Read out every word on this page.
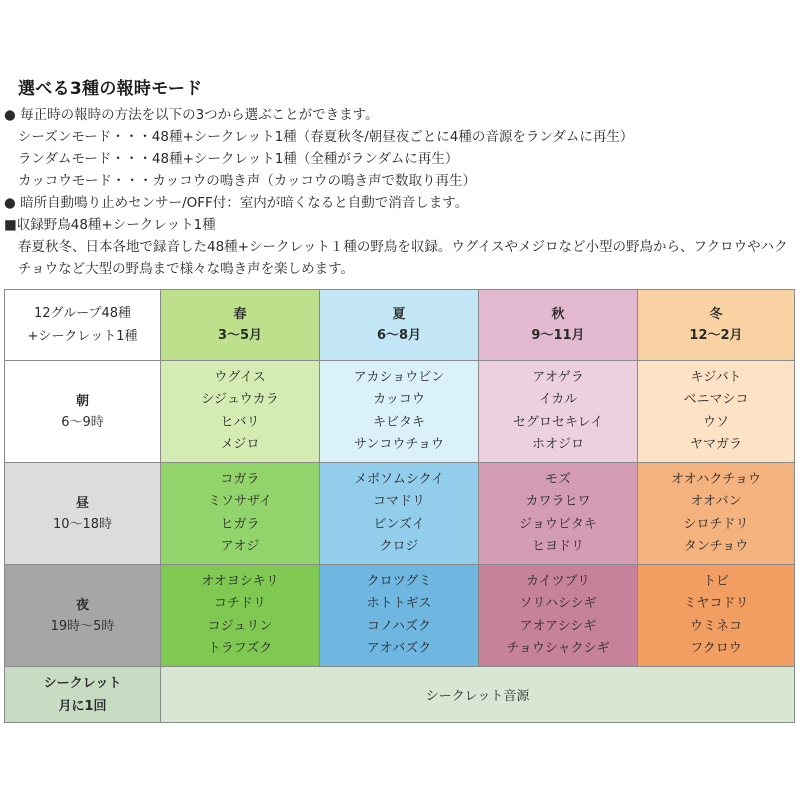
選べる3種の報時モード
● 毎正時の報時の方法を以下の3つから選ぶことができます。
シーズンモード・・・48種+シークレット1種（春夏秋冬/朝昼夜ごとに4種の音源をランダムに再生）
ランダムモード・・・48種+シークレット1種（全種がランダムに再生）
カッコウモード・・・カッコウの鳴き声（カッコウの鳴き声で数取り再生）
● 暗所自動鳴り止めセンサー/OFF付：室内が暗くなると自動で消音します。
■収録野鳥48種+シークレット1種
春夏秋冬、日本各地で録音した48種+シークレット１種の野鳥を収録。ウグイスやメジロなど小型の野鳥から、フクロウやハク
チョウなど大型の野鳥まで様々な鳴き声を楽しめます。
12グループ48種
+シークレット1種	春
3～5月	夏
6～8月	秋
9～11月	冬
12～2月

朝
6～9時	ウグイス
シジュウカラ
ヒバリ
メジロ	アカショウビン
カッコウ
キビタキ
サンコウチョウ	アオゲラ
イカル
セグロセキレイ
ホオジロ	キジバト
ベニマシコ
ウソ
ヤマガラ

昼
10～18時	コガラ
ミソサザイ
ヒガラ
アオジ	メボソムシクイ
コマドリ
ビンズイ
クロジ	モズ
カワラヒワ
ジョウビタキ
ヒヨドリ	オオハクチョウ
オオバン
シロチドリ
タンチョウ

夜
19時～5時	オオヨシキリ
コチドリ
コジュリン
トラフズク	クロツグミ
ホトトギス
コノハズク
アオバズク	カイツブリ
ソリハシシギ
アオアシシギ
チョウシャクシギ	トビ
ミヤコドリ
ウミネコ
フクロウ

シークレット
月に1回	シークレット音源			
